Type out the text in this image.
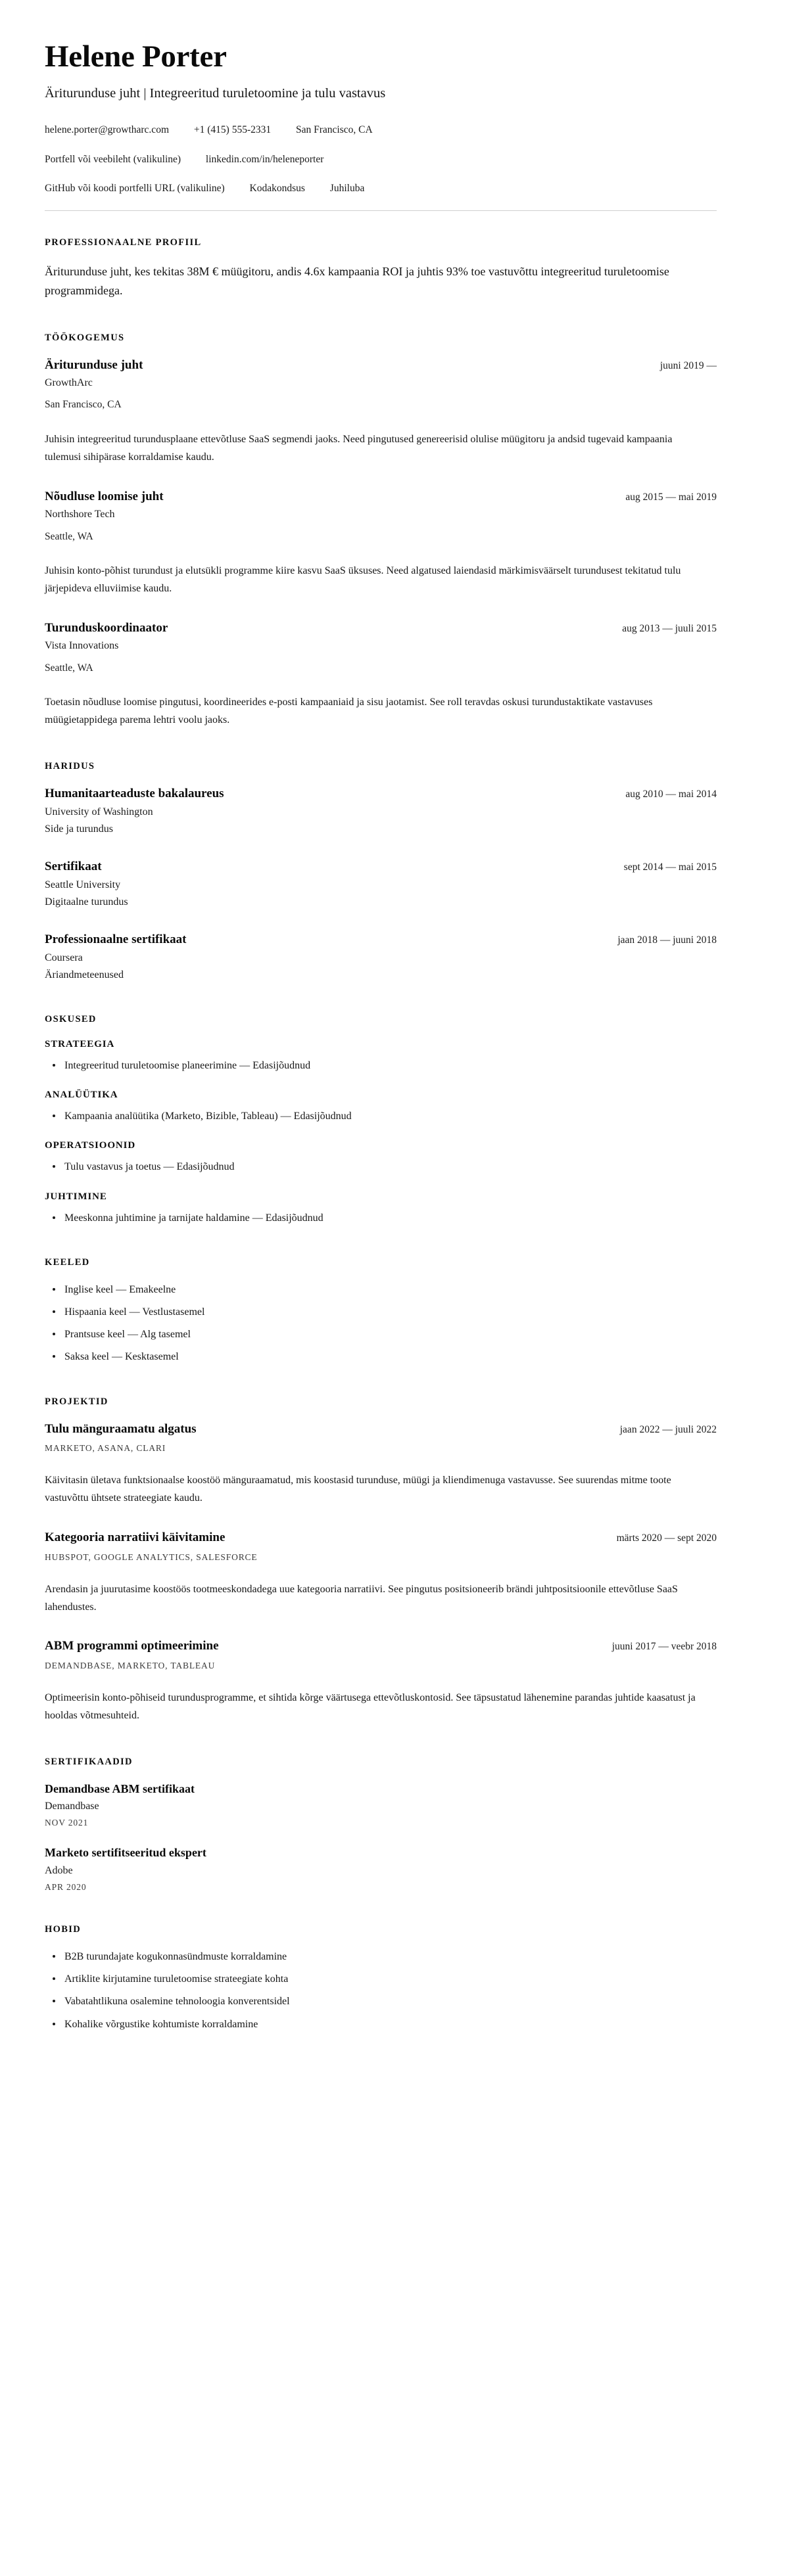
Helene Porter

Äriturunduse juht | Integreeritud turuletoomine ja tulu vastavus

helene.porter@growtharc.com +1 (415) 555-2331 San Francisco, CA
Portfell või veebileht (valikuline) linkedin.com/in/heleneporter
GitHub või koodi portfelli URL (valikuline) Kodakondsus Juhiluba
PROFESSIONAALNE PROFIIL

Äriturunduse juht, kes tekitas 38M € müügitoru, andis 4.6x kampaania ROI ja juhtis 93% toe vastuvõttu integreeritud turuletoomise programmidega.

TÖÖKOGEMUS
Äriturunduse juht	juuni 2019 —

GrowthArc

San Francisco, CA

Juhisin integreeritud turundusplaane ettevõtluse SaaS segmendi jaoks. Need pingutused genereerisid olulise müügitoru ja andsid tugevaid kampaania tulemusi sihipärase korraldamise kaudu.

Nõudluse loomise juht	aug 2015 — mai 2019

Northshore Tech

Seattle, WA

Juhisin konto-põhist turundust ja elutsükli programme kiire kasvu SaaS üksuses. Need algatused laiendasid märkimisväärselt turundusest tekitatud tulu järjepideva elluviimise kaudu.

Turunduskoordinaator	aug 2013 — juuli 2015

Vista Innovations

Seattle, WA

Toetasin nõudluse loomise pingutusi, koordineerides e-posti kampaaniaid ja sisu jaotamist. See roll teravdas oskusi turundustaktikate vastavuses müügietappidega parema lehtri voolu jaoks.

HARIDUS
Humanitaarteaduste bakalaureus	aug 2010 — mai 2014

University of Washington

Side ja turundus

Sertifikaat	sept 2014 — mai 2015

Seattle University

Digitaalne turundus

Professionaalne sertifikaat	jaan 2018 — juuni 2018

Coursera

Äriandmeteenused

OSKUSED
STRATEEGIA
Integreeritud turuletoomise planeerimine — Edasijõudnud
ANALÜÜTIKA
Kampaania analüütika (Marketo, Bizible, Tableau) — Edasijõudnud
OPERATSIOONID
Tulu vastavus ja toetus — Edasijõudnud
JUHTIMINE
Meeskonna juhtimine ja tarnijate haldamine — Edasijõudnud
KEELED
Inglise keel — Emakeelne
Hispaania keel — Vestlustasemel
Prantsuse keel — Alg tasemel
Saksa keel — Kesktasemel
PROJEKTID
Tulu mänguraamatu algatus	jaan 2022 — juuli 2022

MARKETO, ASANA, CLARI

Käivitasin ületava funktsionaalse koostöö mänguraamatud, mis koostasid turunduse, müügi ja kliendimenuga vastavusse. See suurendas mitme toote vastuvõttu ühtsete strateegiate kaudu.

Kategooria narratiivi käivitamine	märts 2020 — sept 2020

HUBSPOT, GOOGLE ANALYTICS, SALESFORCE

Arendasin ja juurutasime koostöös tootmeeskondadega uue kategooria narratiivi. See pingutus positsioneerib brändi juhtpositsioonile ettevõtluse SaaS lahendustes.

ABM programmi optimeerimine	juuni 2017 — veebr 2018

DEMANDBASE, MARKETO, TABLEAU

Optimeerisin konto-põhiseid turundusprogramme, et sihtida kõrge väärtusega ettevõtluskontosid. See täpsustatud lähenemine parandas juhtide kaasatust ja hooldas võtmesuhteid.

SERTIFIKAADID
Demandbase ABM sertifikaat

Demandbase

NOV 2021

Marketo sertifitseeritud ekspert

Adobe

APR 2020

HOBID
B2B turundajate kogukonnasündmuste korraldamine
Artiklite kirjutamine turuletoomise strateegiate kohta
Vabatahtlikuna osalemine tehnoloogia konverentsidel
Kohalike võrgustike kohtumiste korraldamine
